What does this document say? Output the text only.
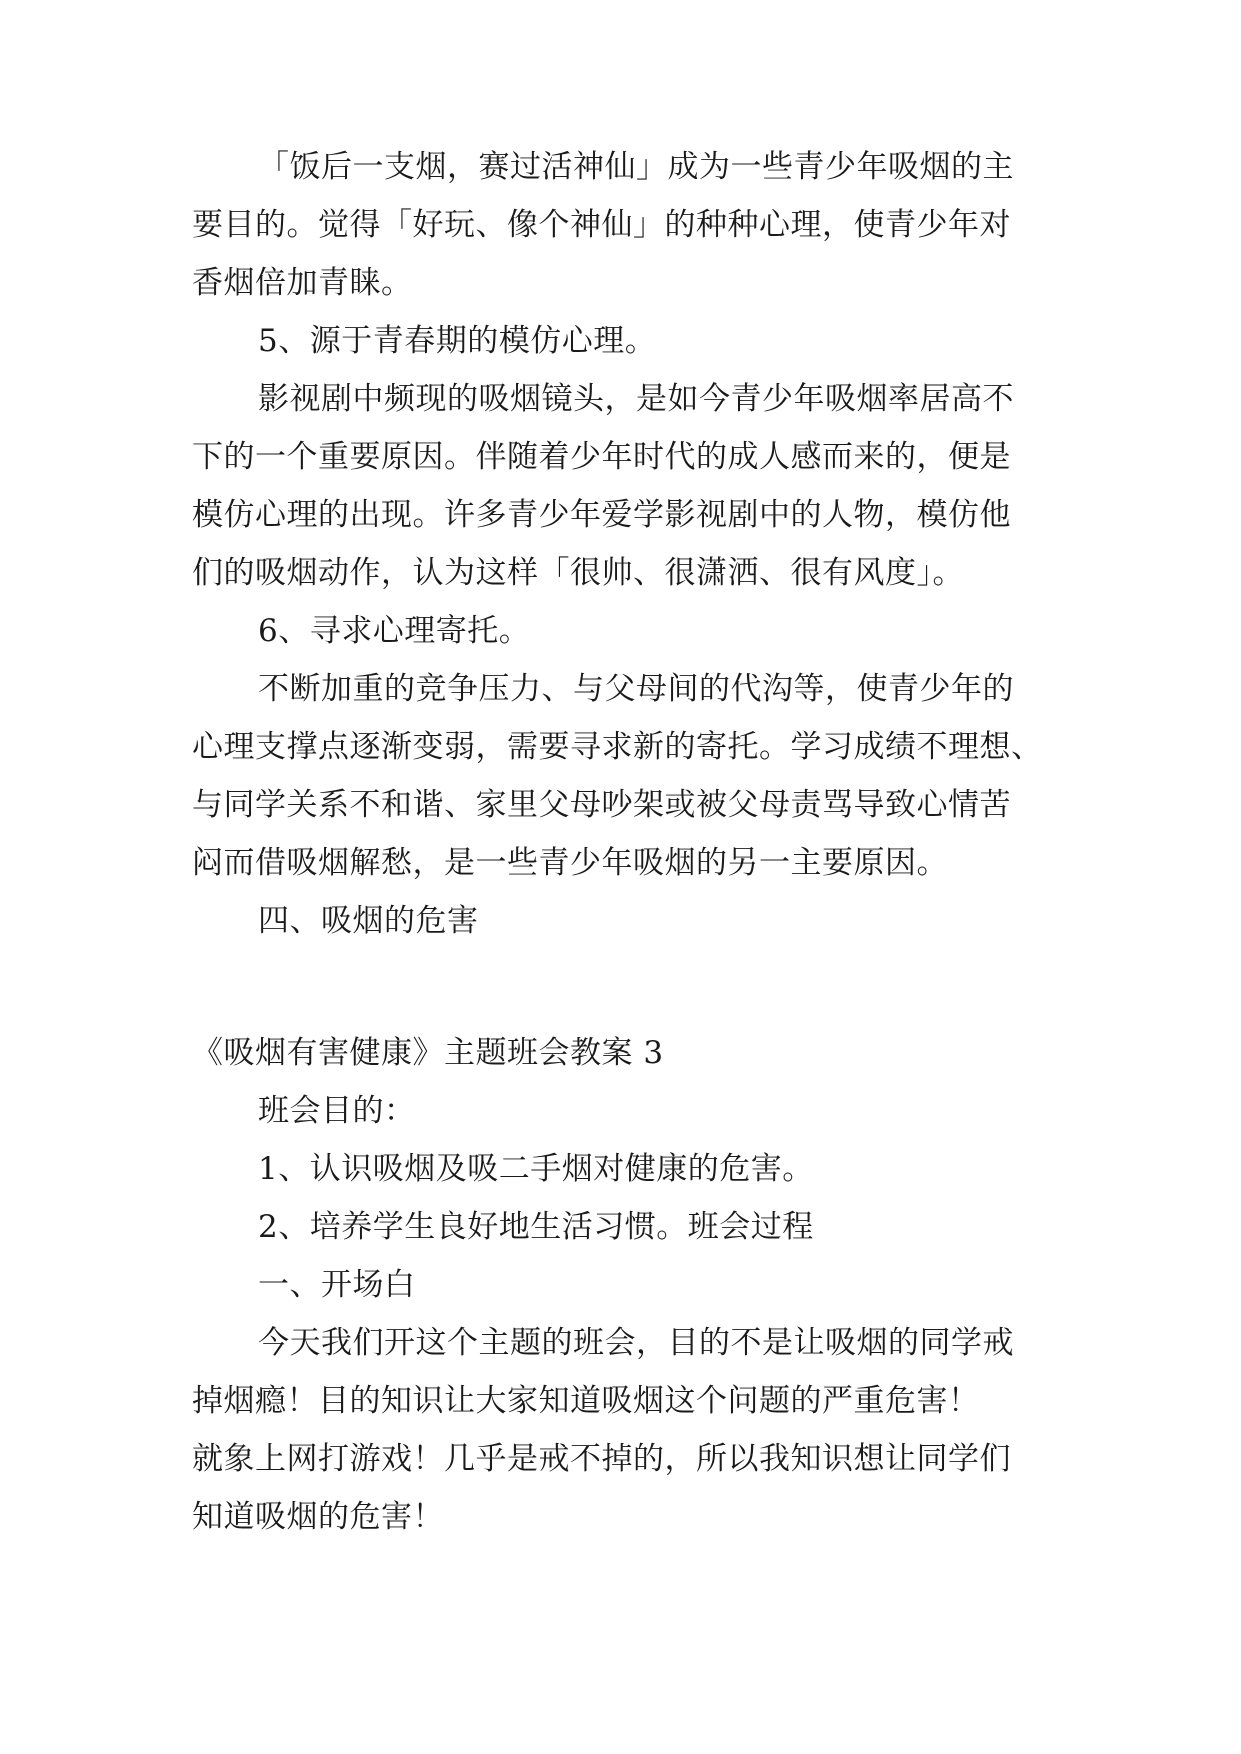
「饭后一支烟，赛过活神仙」成为一些青少年吸烟的主
要目的。觉得「好玩、像个神仙」的种种心理，使青少年对
香烟倍加青睐。
5、源于青春期的模仿心理。
影视剧中频现的吸烟镜头，是如今青少年吸烟率居高不
下的一个重要原因。伴随着少年时代的成人感而来的，便是
模仿心理的出现。许多青少年爱学影视剧中的人物，模仿他
们的吸烟动作，认为这样「很帅、很潇洒、很有风度」。
6、寻求心理寄托。
不断加重的竞争压力、与父母间的代沟等，使青少年的
心理支撑点逐渐变弱，需要寻求新的寄托。学习成绩不理想、
与同学关系不和谐、家里父母吵架或被父母责骂导致心情苦
闷而借吸烟解愁，是一些青少年吸烟的另一主要原因。
四、吸烟的危害
《吸烟有害健康》主题班会教案 3
班会目的：
1、认识吸烟及吸二手烟对健康的危害。
2、培养学生良好地生活习惯。班会过程
一、开场白
今天我们开这个主题的班会，目的不是让吸烟的同学戒
掉烟瘾！目的知识让大家知道吸烟这个问题的严重危害！
就象上网打游戏！几乎是戒不掉的，所以我知识想让同学们
知道吸烟的危害！
